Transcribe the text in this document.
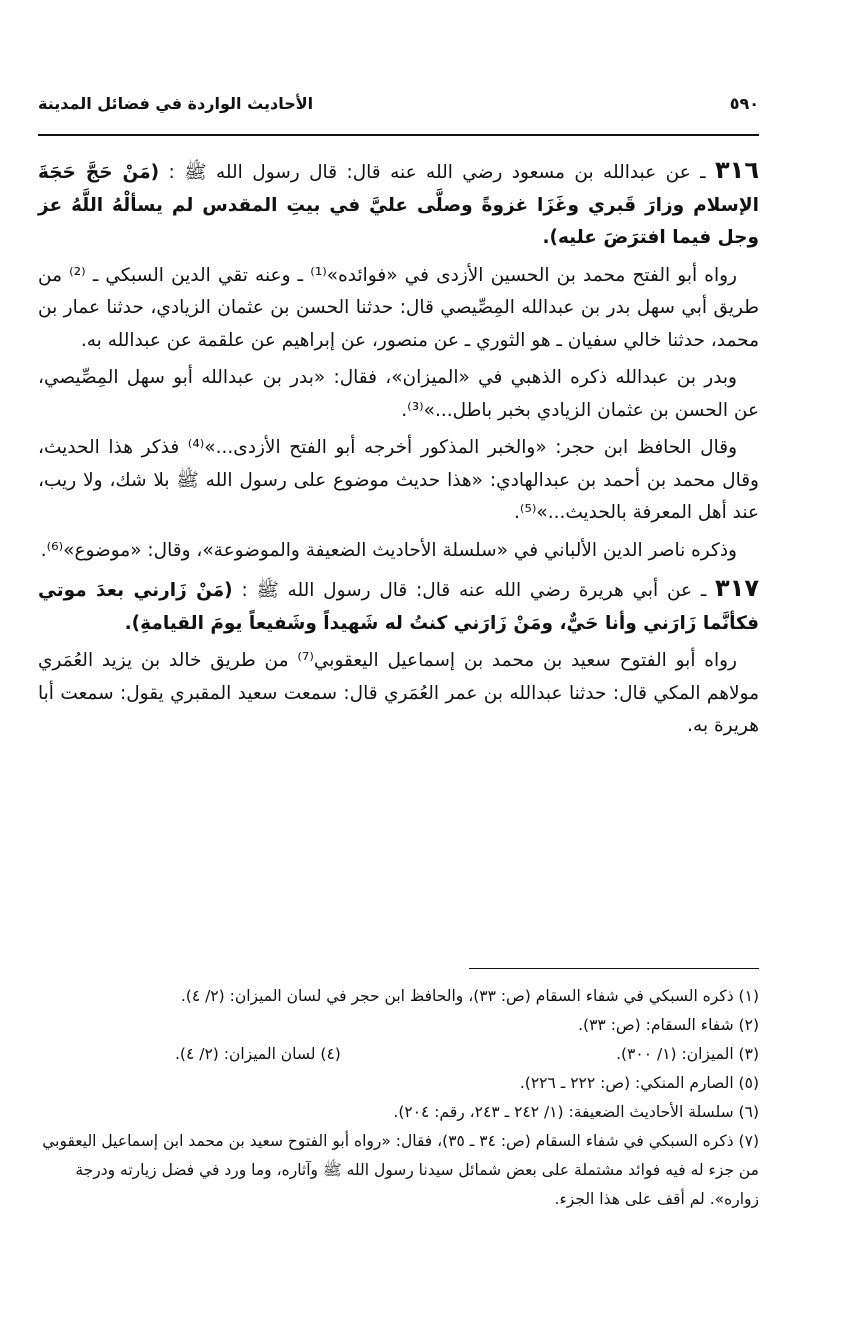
٥٩٠
الأحاديث الواردة في فضائل المدينة

٣١٦ ـ عن عبدالله بن مسعود رضي الله عنه قال: قال رسول الله ﷺ : (مَنْ حَجَّ حَجَةَ الإسلام وزارَ قَبري وغَزَا غزوةً وصلَّى عليَّ في بيتِ المقدس لم يسألْهُ اللَّهُ عز وجل فيما افترَضَ عليه).

رواه أبو الفتح محمد بن الحسين الأزدى في «فوائده»⁽¹⁾ ـ وعنه تقي الدين السبكي ـ ⁽²⁾ من طريق أبي سهل بدر بن عبدالله المِصِّيصي قال: حدثنا الحسن بن عثمان الزيادي، حدثنا عمار بن محمد، حدثنا خالي سفيان ـ هو الثوري ـ عن منصور، عن إبراهيم عن علقمة عن عبدالله به.

وبدر بن عبدالله ذكره الذهبي في «الميزان»، فقال: «بدر بن عبدالله أبو سهل المِصِّيصي، عن الحسن بن عثمان الزيادي بخبر باطل...»⁽³⁾.

وقال الحافظ ابن حجر: «والخبر المذكور أخرجه أبو الفتح الأزدى...»⁽⁴⁾ فذكر هذا الحديث، وقال محمد بن أحمد بن عبدالهادي: «هذا حديث موضوع على رسول الله ﷺ بلا شك، ولا ريب، عند أهل المعرفة بالحديث...»⁽⁵⁾.

وذكره ناصر الدين الألباني في «سلسلة الأحاديث الضعيفة والموضوعة»، وقال: «موضوع»⁽⁶⁾.

٣١٧ ـ عن أبي هريرة رضي الله عنه قال: قال رسول الله ﷺ : (مَنْ زَارني بعدَ موتي فكأنَّما زَارَني وأنا حَيٌّ، ومَنْ زَارَني كنتُ له شَهيداً وشَفيعاً يومَ القيامةِ).

رواه أبو الفتوح سعيد بن محمد بن إسماعيل اليعقوبي⁽⁷⁾ من طريق خالد بن يزيد العُمَري مولاهم المكي قال: حدثنا عبدالله بن عمر العُمَري قال: سمعت سعيد المقبري يقول: سمعت أبا هريرة به.

(١) ذكره السبكي في شفاء السقام (ص: ٣٣)، والحافظ ابن حجر في لسان الميزان: (٢/ ٤).

(٢) شفاء السقام: (ص: ٣٣).

(٣) الميزان: (١/ ٣٠٠).

(٤) لسان الميزان: (٢/ ٤).

(٥) الصارم المنكي: (ص: ٢٢٢ ـ ٢٢٦).

(٦) سلسلة الأحاديث الضعيفة: (١/ ٢٤٢ ـ ٢٤٣، رقم: ٢٠٤).

(٧) ذكره السبكي في شفاء السقام (ص: ٣٤ ـ ٣٥)، فقال: «رواه أبو الفتوح سعيد بن محمد ابن إسماعيل اليعقوبي من جزء له فيه فوائد مشتملة على بعض شمائل سيدنا رسول الله ﷺ وآثاره، وما ورد في فضل زيارته ودرجة زواره». لم أقف على هذا الجزء.
